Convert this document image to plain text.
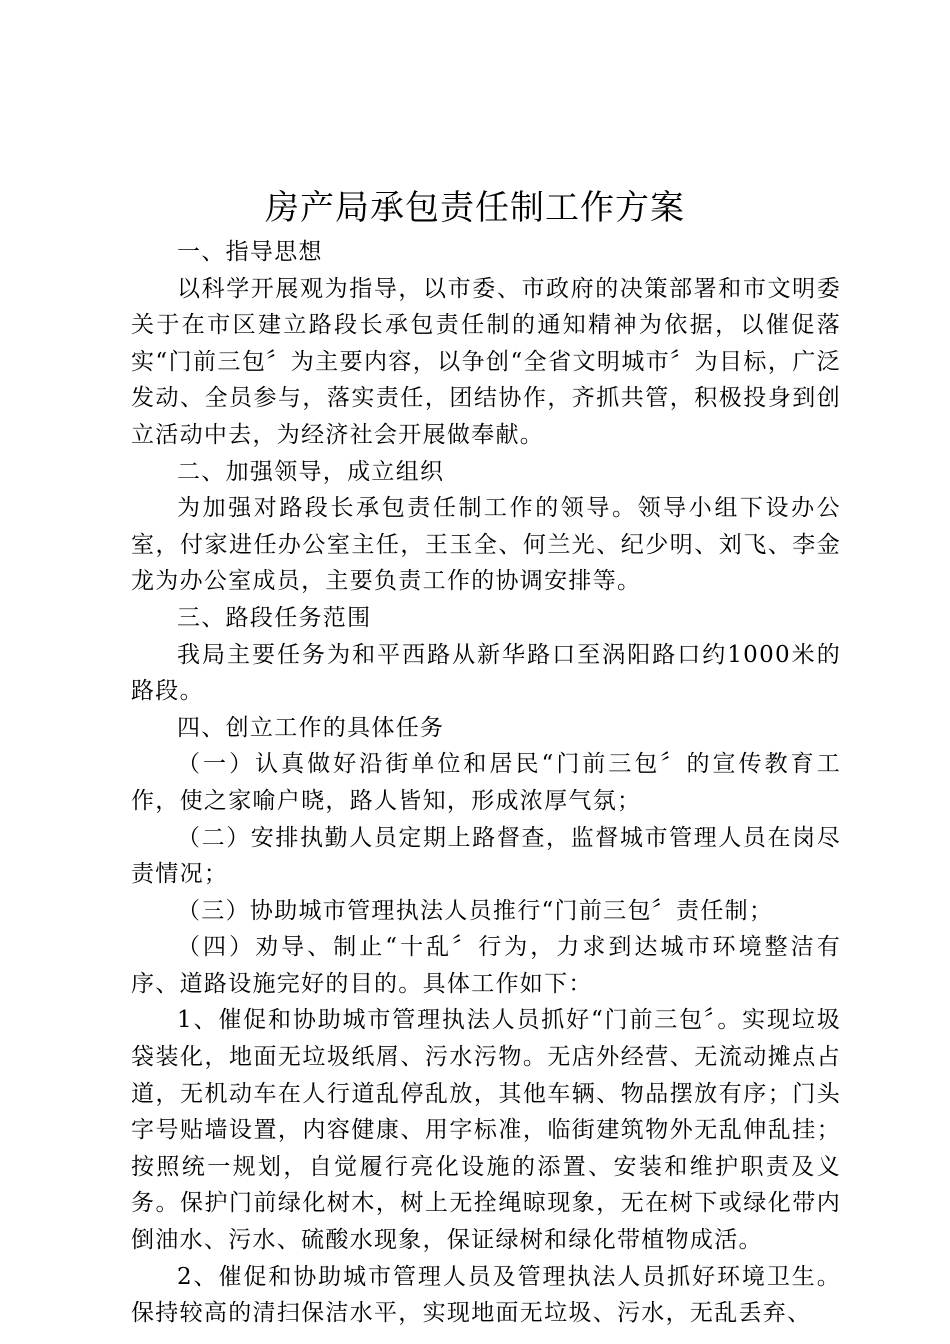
房产局承包责任制工作方案

一、指导思想

以科学开展观为指导，以市委、市政府的决策部署和市文明委关于在市区建立路段长承包责任制的通知精神为依据，以催促落实“门前三包〞为主要内容，以争创“全省文明城市〞为目标，广泛发动、全员参与，落实责任，团结协作，齐抓共管，积极投身到创立活动中去，为经济社会开展做奉献。

二、加强领导，成立组织

为加强对路段长承包责任制工作的领导。领导小组下设办公室，付家进任办公室主任，王玉全、何兰光、纪少明、刘飞、李金龙为办公室成员，主要负责工作的协调安排等。

三、路段任务范围

我局主要任务为和平西路从新华路口至涡阳路口约1000米的路段。

四、创立工作的具体任务

（一）认真做好沿街单位和居民“门前三包〞的宣传教育工作，使之家喻户晓，路人皆知，形成浓厚气氛；

（二）安排执勤人员定期上路督查，监督城市管理人员在岗尽责情况；

（三）协助城市管理执法人员推行“门前三包〞责任制；

（四）劝导、制止“十乱〞行为，力求到达城市环境整洁有序、道路设施完好的目的。具体工作如下：

1、催促和协助城市管理执法人员抓好“门前三包〞。实现垃圾袋装化，地面无垃圾纸屑、污水污物。无店外经营、无流动摊点占道，无机动车在人行道乱停乱放，其他车辆、物品摆放有序；门头字号贴墙设置，内容健康、用字标准，临街建筑物外无乱伸乱挂；按照统一规划，自觉履行亮化设施的添置、安装和维护职责及义务。保护门前绿化树木，树上无拴绳晾现象，无在树下或绿化带内倒油水、污水、硫酸水现象，保证绿树和绿化带植物成活。

2、催促和协助城市管理人员及管理执法人员抓好环境卫生。保持较高的清扫保洁水平，实现地面无垃圾、污水，无乱丢弃、
